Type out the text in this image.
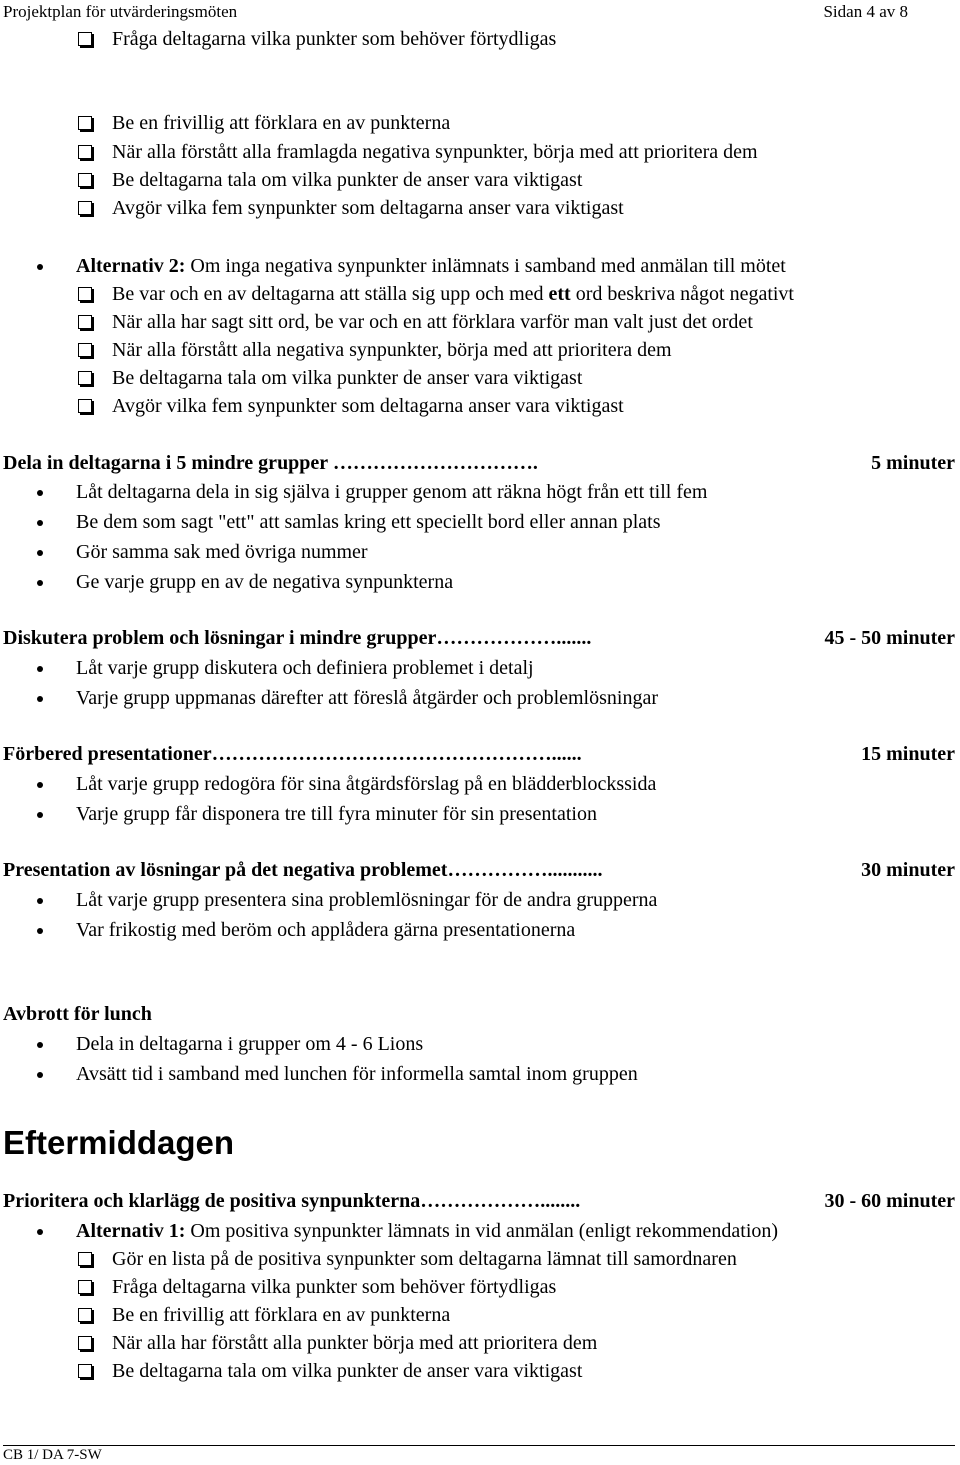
Projektplan för utvärderingsmöten	Sidan 4 av 8
Fråga deltagarna vilka punkter som behöver förtydligas
Be en frivillig att förklara en av punkterna
När alla förstått alla framlagda negativa synpunkter, börja med att prioritera dem
Be deltagarna tala om vilka punkter de anser vara viktigast
Avgör vilka fem synpunkter som deltagarna anser vara viktigast
Alternativ 2: Om inga negativa synpunkter inlämnats i samband med anmälan till mötet
Be var och en av deltagarna att ställa sig upp och med ett ord beskriva något negativt
När alla har sagt sitt ord, be var och en att förklara varför man valt just det ordet
När alla förstått alla negativa synpunkter, börja med att prioritera dem
Be deltagarna tala om vilka punkter de anser vara viktigast
Avgör vilka fem synpunkter som deltagarna anser vara viktigast
Dela in deltagarna i 5 mindre grupper ………………………….	5 minuter
Låt deltagarna dela in sig själva i grupper genom att räkna högt från ett till fem
Be dem som sagt "ett" att samlas kring ett speciellt bord eller annan plats
Gör samma sak med övriga nummer
Ge varje grupp en av de negativa synpunkterna
Diskutera problem och lösningar i mindre grupper……………….......	45 - 50 minuter
Låt varje grupp diskutera och definiera problemet i detalj
Varje grupp uppmanas därefter att föreslå åtgärder och problemlösningar
Förbered presentationer……………………………………………......	15 minuter
Låt varje grupp redogöra för sina åtgärdsförslag på en blädderblockssida
Varje grupp får disponera tre till fyra minuter för sin presentation
Presentation av lösningar på det negativa problemet……………...........	30 minuter
Låt varje grupp presentera sina problemlösningar för de andra grupperna
Var frikostig med beröm och applådera gärna presentationerna
Avbrott för lunch
Dela in deltagarna i grupper om 4 - 6 Lions
Avsätt tid i samband med lunchen för informella samtal inom gruppen
Eftermiddagen
Prioritera och klarlägg de positiva synpunkterna………………........	30 - 60 minuter
Alternativ 1: Om positiva synpunkter lämnats in vid anmälan (enligt rekommendation)
Gör en lista på de positiva synpunkter som deltagarna lämnat till samordnaren
Fråga deltagarna vilka punkter som behöver förtydligas
Be en frivillig att förklara en av punkterna
När alla har förstått alla punkter börja med att prioritera dem
Be deltagarna tala om vilka punkter de anser vara viktigast
CB 1/ DA 7-SW
